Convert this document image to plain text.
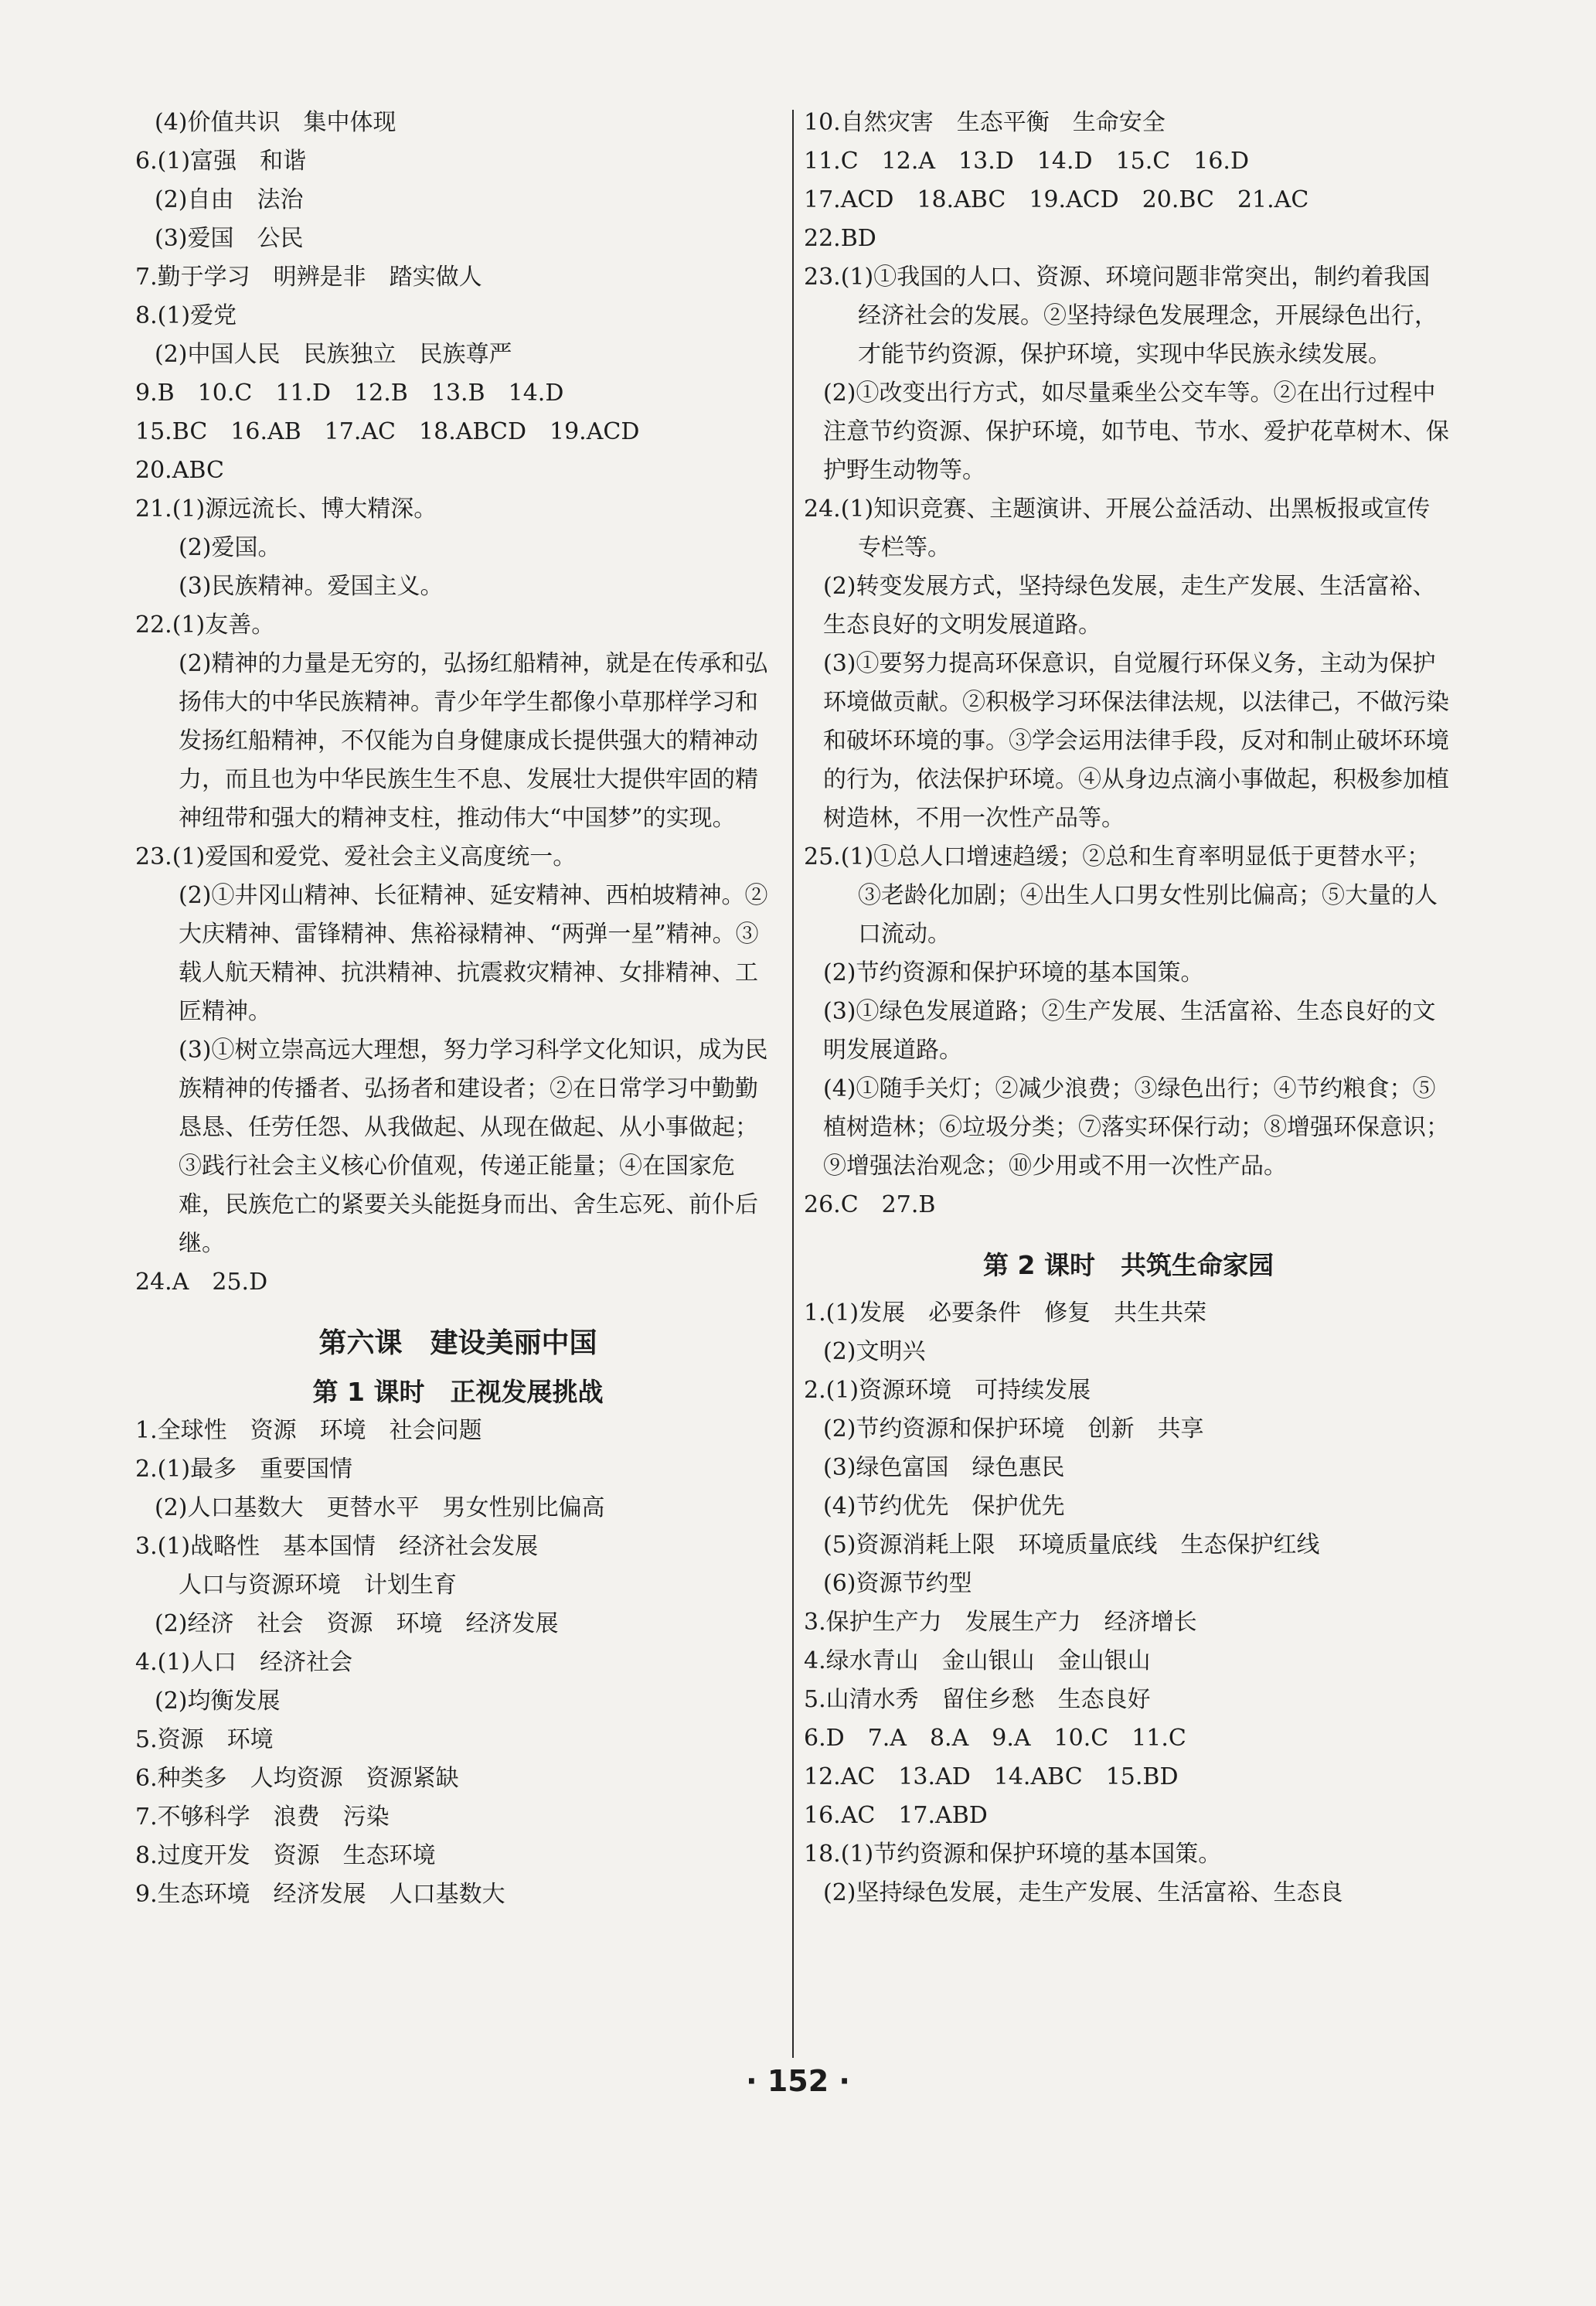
(4)价值共识　集中体现
6.(1)富强　和谐
(2)自由　法治
(3)爱国　公民
7.勤于学习　明辨是非　踏实做人
8.(1)爱党
(2)中国人民　民族独立　民族尊严
9.B　10.C　11.D　12.B　13.B　14.D
15.BC　16.AB　17.AC　18.ABCD　19.ACD
20.ABC
21.(1)源远流长、博大精深。
(2)爱国。
(3)民族精神。爱国主义。
22.(1)友善。
(2)精神的力量是无穷的，弘扬红船精神，就是在传承和弘扬伟大的中华民族精神。青少年学生都像小草那样学习和发扬红船精神，不仅能为自身健康成长提供强大的精神动力，而且也为中华民族生生不息、发展壮大提供牢固的精神纽带和强大的精神支柱，推动伟大“中国梦”的实现。
23.(1)爱国和爱党、爱社会主义高度统一。
(2)①井冈山精神、长征精神、延安精神、西柏坡精神。②大庆精神、雷锋精神、焦裕禄精神、“两弹一星”精神。③载人航天精神、抗洪精神、抗震救灾精神、女排精神、工匠精神。
(3)①树立崇高远大理想，努力学习科学文化知识，成为民族精神的传播者、弘扬者和建设者；②在日常学习中勤勤恳恳、任劳任怨、从我做起、从现在做起、从小事做起；③践行社会主义核心价值观，传递正能量；④在国家危难，民族危亡的紧要关头能挺身而出、舍生忘死、前仆后继。
24.A　25.D
第六课　建设美丽中国
第 1 课时　正视发展挑战
1.全球性　资源　环境　社会问题
2.(1)最多　重要国情
(2)人口基数大　更替水平　男女性别比偏高
3.(1)战略性　基本国情　经济社会发展
人口与资源环境　计划生育
(2)经济　社会　资源　环境　经济发展
4.(1)人口　经济社会
(2)均衡发展
5.资源　环境
6.种类多　人均资源　资源紧缺
7.不够科学　浪费　污染
8.过度开发　资源　生态环境
9.生态环境　经济发展　人口基数大
10.自然灾害　生态平衡　生命安全
11.C　12.A　13.D　14.D　15.C　16.D
17.ACD　18.ABC　19.ACD　20.BC　21.AC
22.BD
23.(1)①我国的人口、资源、环境问题非常突出，制约着我国经济社会的发展。②坚持绿色发展理念，开展绿色出行，才能节约资源，保护环境，实现中华民族永续发展。
(2)①改变出行方式，如尽量乘坐公交车等。②在出行过程中注意节约资源、保护环境，如节电、节水、爱护花草树木、保护野生动物等。
24.(1)知识竞赛、主题演讲、开展公益活动、出黑板报或宣传专栏等。
(2)转变发展方式，坚持绿色发展，走生产发展、生活富裕、生态良好的文明发展道路。
(3)①要努力提高环保意识，自觉履行环保义务，主动为保护环境做贡献。②积极学习环保法律法规，以法律己，不做污染和破坏环境的事。③学会运用法律手段，反对和制止破坏环境的行为，依法保护环境。④从身边点滴小事做起，积极参加植树造林，不用一次性产品等。
25.(1)①总人口增速趋缓；②总和生育率明显低于更替水平；③老龄化加剧；④出生人口男女性别比偏高；⑤大量的人口流动。
(2)节约资源和保护环境的基本国策。
(3)①绿色发展道路；②生产发展、生活富裕、生态良好的文明发展道路。
(4)①随手关灯；②减少浪费；③绿色出行；④节约粮食；⑤植树造林；⑥垃圾分类；⑦落实环保行动；⑧增强环保意识；⑨增强法治观念；⑩少用或不用一次性产品。
26.C　27.B
第 2 课时　共筑生命家园
1.(1)发展　必要条件　修复　共生共荣
(2)文明兴
2.(1)资源环境　可持续发展
(2)节约资源和保护环境　创新　共享
(3)绿色富国　绿色惠民
(4)节约优先　保护优先
(5)资源消耗上限　环境质量底线　生态保护红线
(6)资源节约型
3.保护生产力　发展生产力　经济增长
4.绿水青山　金山银山　金山银山
5.山清水秀　留住乡愁　生态良好
6.D　7.A　8.A　9.A　10.C　11.C
12.AC　13.AD　14.ABC　15.BD
16.AC　17.ABD
18.(1)节约资源和保护环境的基本国策。
(2)坚持绿色发展，走生产发展、生活富裕、生态良
· 152 ·
